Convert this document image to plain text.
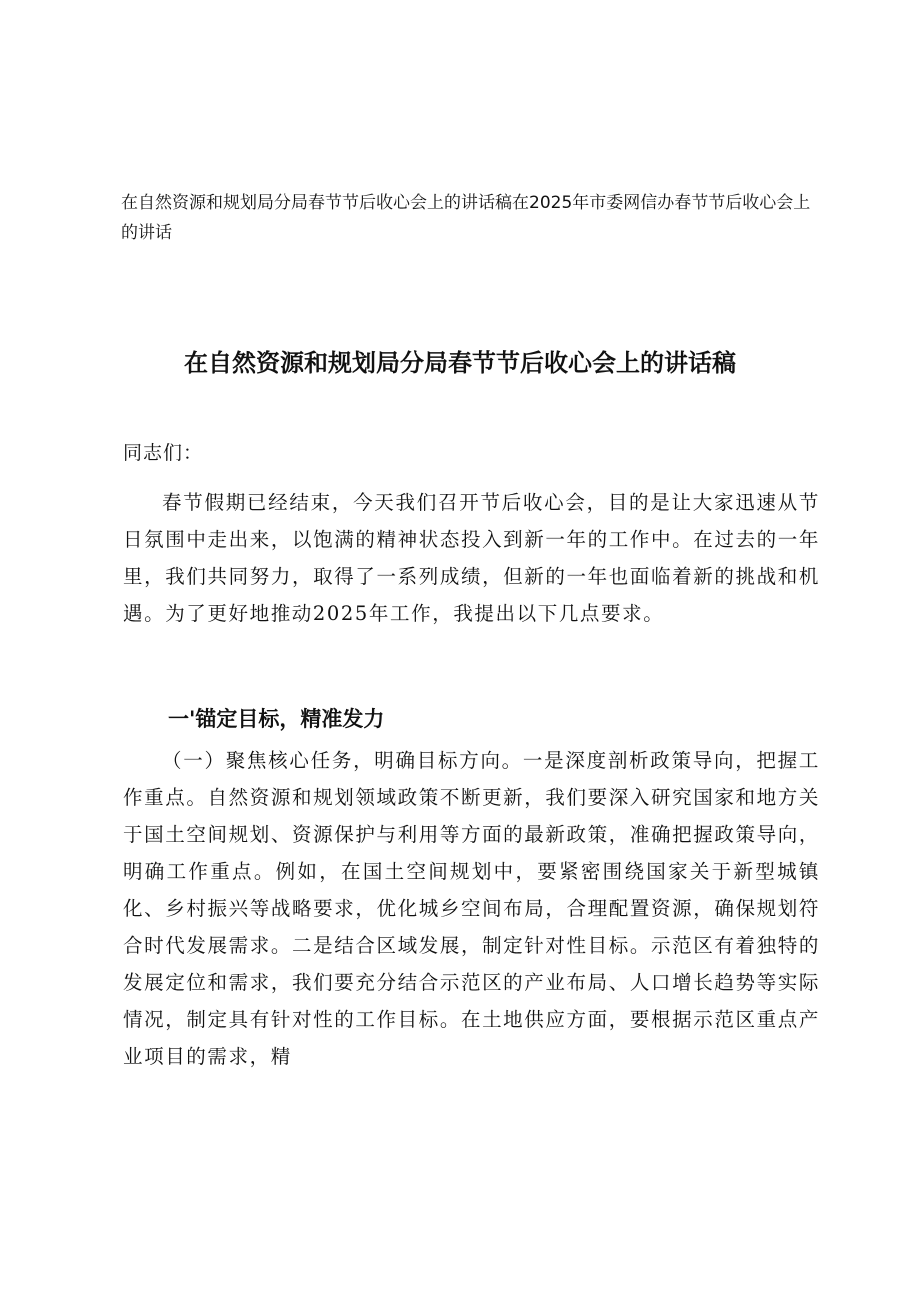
在自然资源和规划局分局春节节后收心会上的讲话稿在2025年市委网信办春节节后收心会上的讲话
在自然资源和规划局分局春节节后收心会上的讲话稿

同志们：

春节假期已经结束，今天我们召开节后收心会，目的是让大家迅速从节日氛围中走出来，以饱满的精神状态投入到新一年的工作中。在过去的一年里，我们共同努力，取得了一系列成绩，但新的一年也面临着新的挑战和机遇。为了更好地推动2025年工作，我提出以下几点要求。

一'锚定目标，精准发力

（一）聚焦核心任务，明确目标方向。一是深度剖析政策导向，把握工作重点。自然资源和规划领域政策不断更新，我们要深入研究国家和地方关于国土空间规划、资源保护与利用等方面的最新政策，准确把握政策导向，明确工作重点。例如，在国土空间规划中，要紧密围绕国家关于新型城镇化、乡村振兴等战略要求，优化城乡空间布局，合理配置资源，确保规划符合时代发展需求。二是结合区域发展，制定针对性目标。示范区有着独特的发展定位和需求，我们要充分结合示范区的产业布局、人口增长趋势等实际情况，制定具有针对性的工作目标。在土地供应方面，要根据示范区重点产业项目的需求，精
